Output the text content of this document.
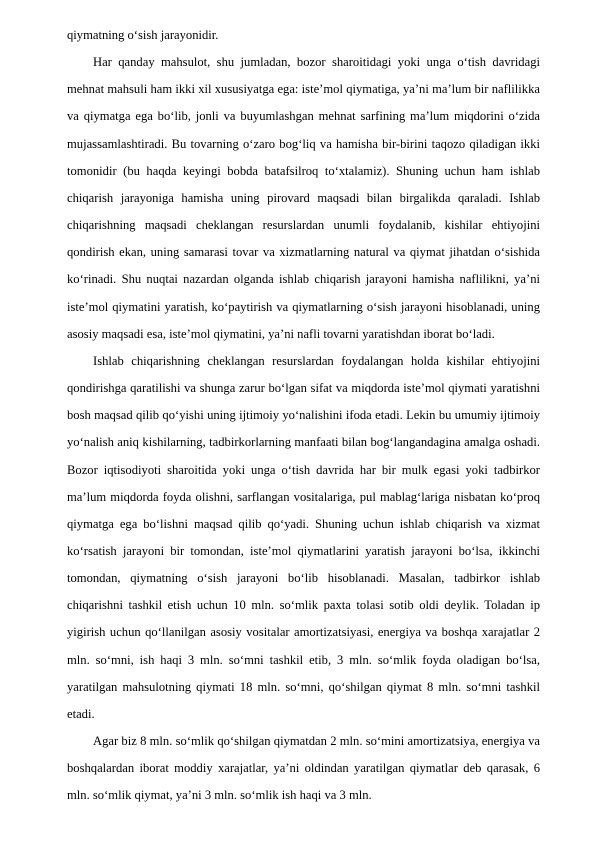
qiymatning o‘sish jarayonidir.

Har qanday mahsulot, shu jumladan, bozor sharoitidagi yoki unga o‘tish davridagi mehnat mahsuli ham ikki xil xususiyatga ega: iste’mol qiymatiga, ya’ni ma’lum bir naflilikka va qiymatga ega bo‘lib, jonli va buyumlashgan mehnat sarfining ma’lum miqdorini o‘zida mujassamlashtiradi. Bu tovarning o‘zaro bog‘liq va hamisha bir-birini taqozo qiladigan ikki tomonidir (bu haqda keyingi bobda batafsilroq to‘xtalamiz). Shuning uchun ham ishlab chiqarish jarayoniga hamisha uning pirovard maqsadi bilan birgalikda qaraladi. Ishlab chiqarishning maqsadi cheklangan resurslardan unumli foydalanib, kishilar ehtiyojini qondirish ekan, uning samarasi tovar va xizmatlarning natural va qiymat jihatdan o‘sishida ko‘rinadi. Shu nuqtai nazardan olganda ishlab chiqarish jarayoni hamisha naflilikni, ya’ni iste’mol qiymatini yaratish, ko‘paytirish va qiymatlarning o‘sish jarayoni hisoblanadi, uning asosiy maqsadi esa, iste’mol qiymatini, ya’ni nafli tovarni yaratishdan iborat bo‘ladi.

Ishlab chiqarishning cheklangan resurslardan foydalangan holda kishilar ehtiyojini qondirishga qaratilishi va shunga zarur bo‘lgan sifat va miqdorda iste’mol qiymati yaratishni bosh maqsad qilib qo‘yishi uning ijtimoiy yo‘nalishini ifoda etadi. Lekin bu umumiy ijtimoiy yo‘nalish aniq kishilarning, tadbirkorlarning manfaati bilan bog‘langandagina amalga oshadi. Bozor iqtisodiyoti sharoitida yoki unga o‘tish davrida har bir mulk egasi yoki tadbirkor ma’lum miqdorda foyda olishni, sarflangan vositalariga, pul mablag‘lariga nisbatan ko‘proq qiymatga ega bo‘lishni maqsad qilib qo‘yadi. Shuning uchun ishlab chiqarish va xizmat ko‘rsatish jarayoni bir tomondan, iste’mol qiymatlarini yaratish jarayoni bo‘lsa, ikkinchi tomondan, qiymatning o‘sish jarayoni bo‘lib hisoblanadi. Masalan, tadbirkor ishlab chiqarishni tashkil etish uchun 10 mln. so‘mlik paxta tolasi sotib oldi deylik. Toladan ip yigirish uchun qo‘llanilgan asosiy vositalar amortizatsiyasi, energiya va boshqa xarajatlar 2 mln. so‘mni, ish haqi 3 mln. so‘mni tashkil etib, 3 mln. so‘mlik foyda oladigan bo‘lsa, yaratilgan mahsulotning qiymati 18 mln. so‘mni, qo‘shilgan qiymat 8 mln. so‘mni tashkil etadi.

Agar biz 8 mln. so‘mlik qo‘shilgan qiymatdan 2 mln. so‘mini amortizatsiya, energiya va boshqalardan iborat moddiy xarajatlar, ya’ni oldindan yaratilgan qiymatlar deb qarasak, 6 mln. so‘mlik qiymat, ya’ni 3 mln. so‘mlik ish haqi va 3 mln.
